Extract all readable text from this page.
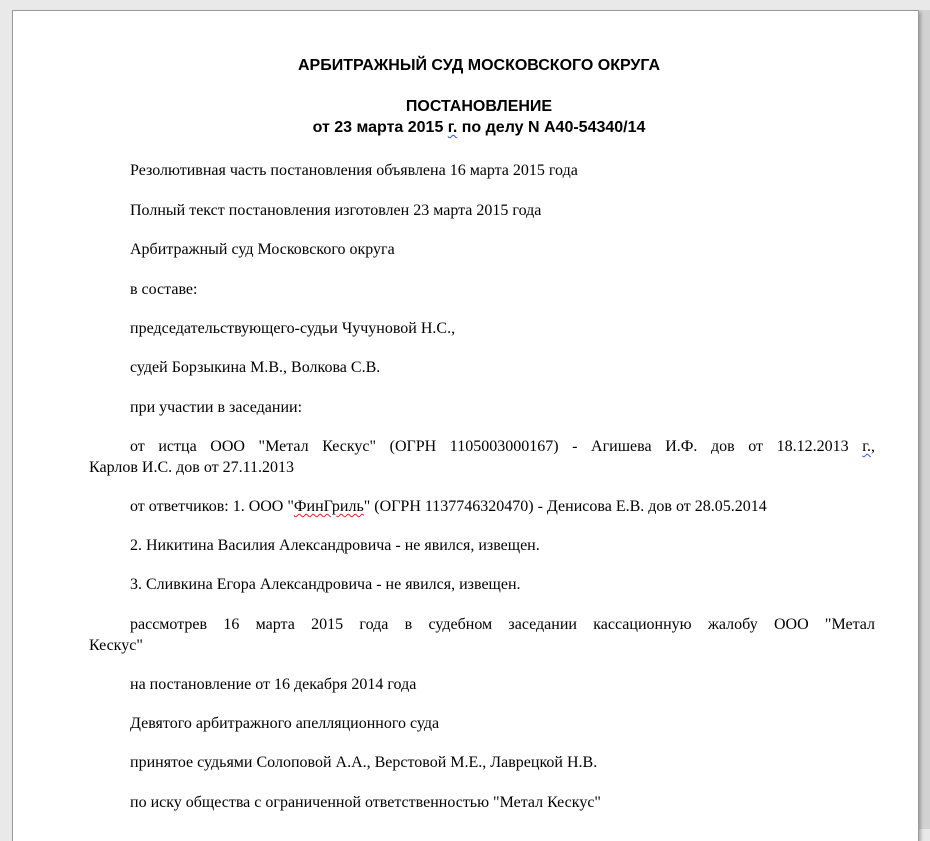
АРБИТРАЖНЫЙ СУД МОСКОВСКОГО ОКРУГА
ПОСТАНОВЛЕНИЕ
от 23 марта 2015 г. по делу N А40-54340/14
Резолютивная часть постановления объявлена 16 марта 2015 года
Полный текст постановления изготовлен 23 марта 2015 года
Арбитражный суд Московского округа
в составе:
председательствующего-судьи Чучуновой Н.С.,
судей Борзыкина М.В., Волкова С.В.
при участии в заседании:
от истца ООО "Метал Кескус" (ОГРН 1105003000167) - Агишева И.Ф. дов от 18.12.2013 г.,
Карлов И.С. дов от 27.11.2013
от ответчиков: 1. ООО "ФинГриль" (ОГРН 1137746320470) - Денисова Е.В. дов от 28.05.2014
2. Никитина Василия Александровича - не явился, извещен.
3. Сливкина Егора Александровича - не явился, извещен.
рассмотрев 16 марта 2015 года в судебном заседании кассационную жалобу ООО "Метал
Кескус"
на постановление от 16 декабря 2014 года
Девятого арбитражного апелляционного суда
принятое судьями Солоповой А.А., Верстовой М.Е., Лаврецкой Н.В.
по иску общества с ограниченной ответственностью "Метал Кескус"
